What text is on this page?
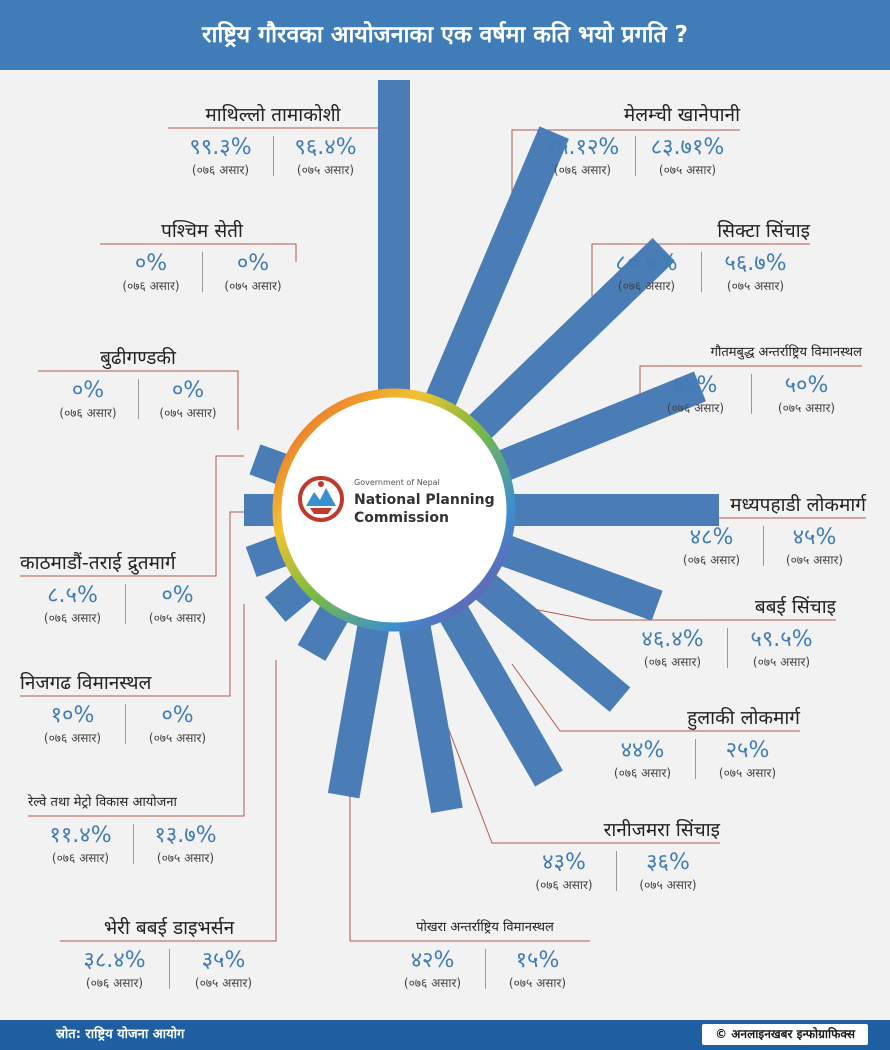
राष्ट्रिय गौरवका आयोजनाका एक वर्षमा कति भयो प्रगति ?
Government of Nepal
National Planning
Commission
माथिल्लो तामाकोशी
९९.३%
(०७६ असार)
९६.४%
(०७५ असार)
मेलम्ची खानेपानी
९५.१२%
(०७६ असार)
८३.७१%
(०७५ असार)
सिक्टा सिंचाइ
८०.७%
(०७६ असार)
५६.७%
(०७५ असार)
गौतमबुद्ध अन्तर्राष्ट्रिय विमानस्थल
७४%
(०७६ असार)
५०%
(०७५ असार)
मध्यपहाडी लोकमार्ग
४८%
(०७६ असार)
४५%
(०७५ असार)
बबई सिंचाइ
४६.४%
(०७६ असार)
५९.५%
(०७५ असार)
हुलाकी लोकमार्ग
४४%
(०७६ असार)
२५%
(०७५ असार)
रानीजमरा सिंचाइ
४३%
(०७६ असार)
३६%
(०७५ असार)
पोखरा अन्तर्राष्ट्रिय विमानस्थल
४२%
(०७६ असार)
१५%
(०७५ असार)
भेरी बबई डाइभर्सन
३८.४%
(०७६ असार)
३५%
(०७५ असार)
रेल्वे तथा मेट्रो विकास आयोजना
११.४%
(०७६ असार)
१३.७%
(०७५ असार)
निजगढ विमानस्थल
१०%
(०७६ असार)
०%
(०७५ असार)
काठमाडौं-तराई द्रुतमार्ग
८.५%
(०७६ असार)
०%
(०७५ असार)
बुढीगण्डकी
०%
(०७६ असार)
०%
(०७५ असार)
पश्चिम सेती
०%
(०७६ असार)
०%
(०७५ असार)
स्रोत: राष्ट्रिय योजना आयोग	© अनलाइनखबर इन्फोग्राफिक्स
